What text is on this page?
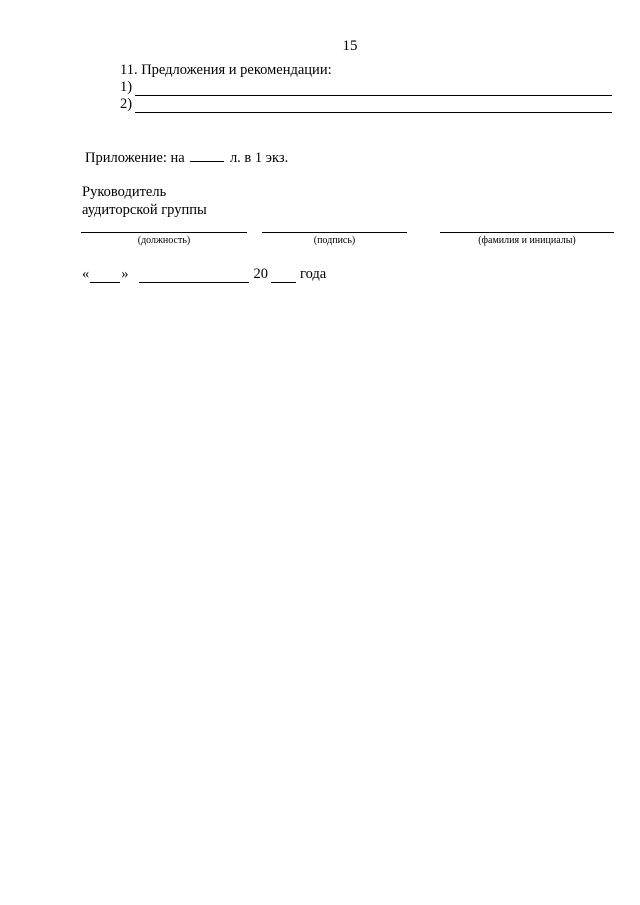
15
11. Предложения и рекомендации:
1)
2)
Приложение: на	л. в 1 экз.
Руководитель
аудиторской группы
(должность)	(подпись)	(фамилия и инициалы)
« »	20 года
